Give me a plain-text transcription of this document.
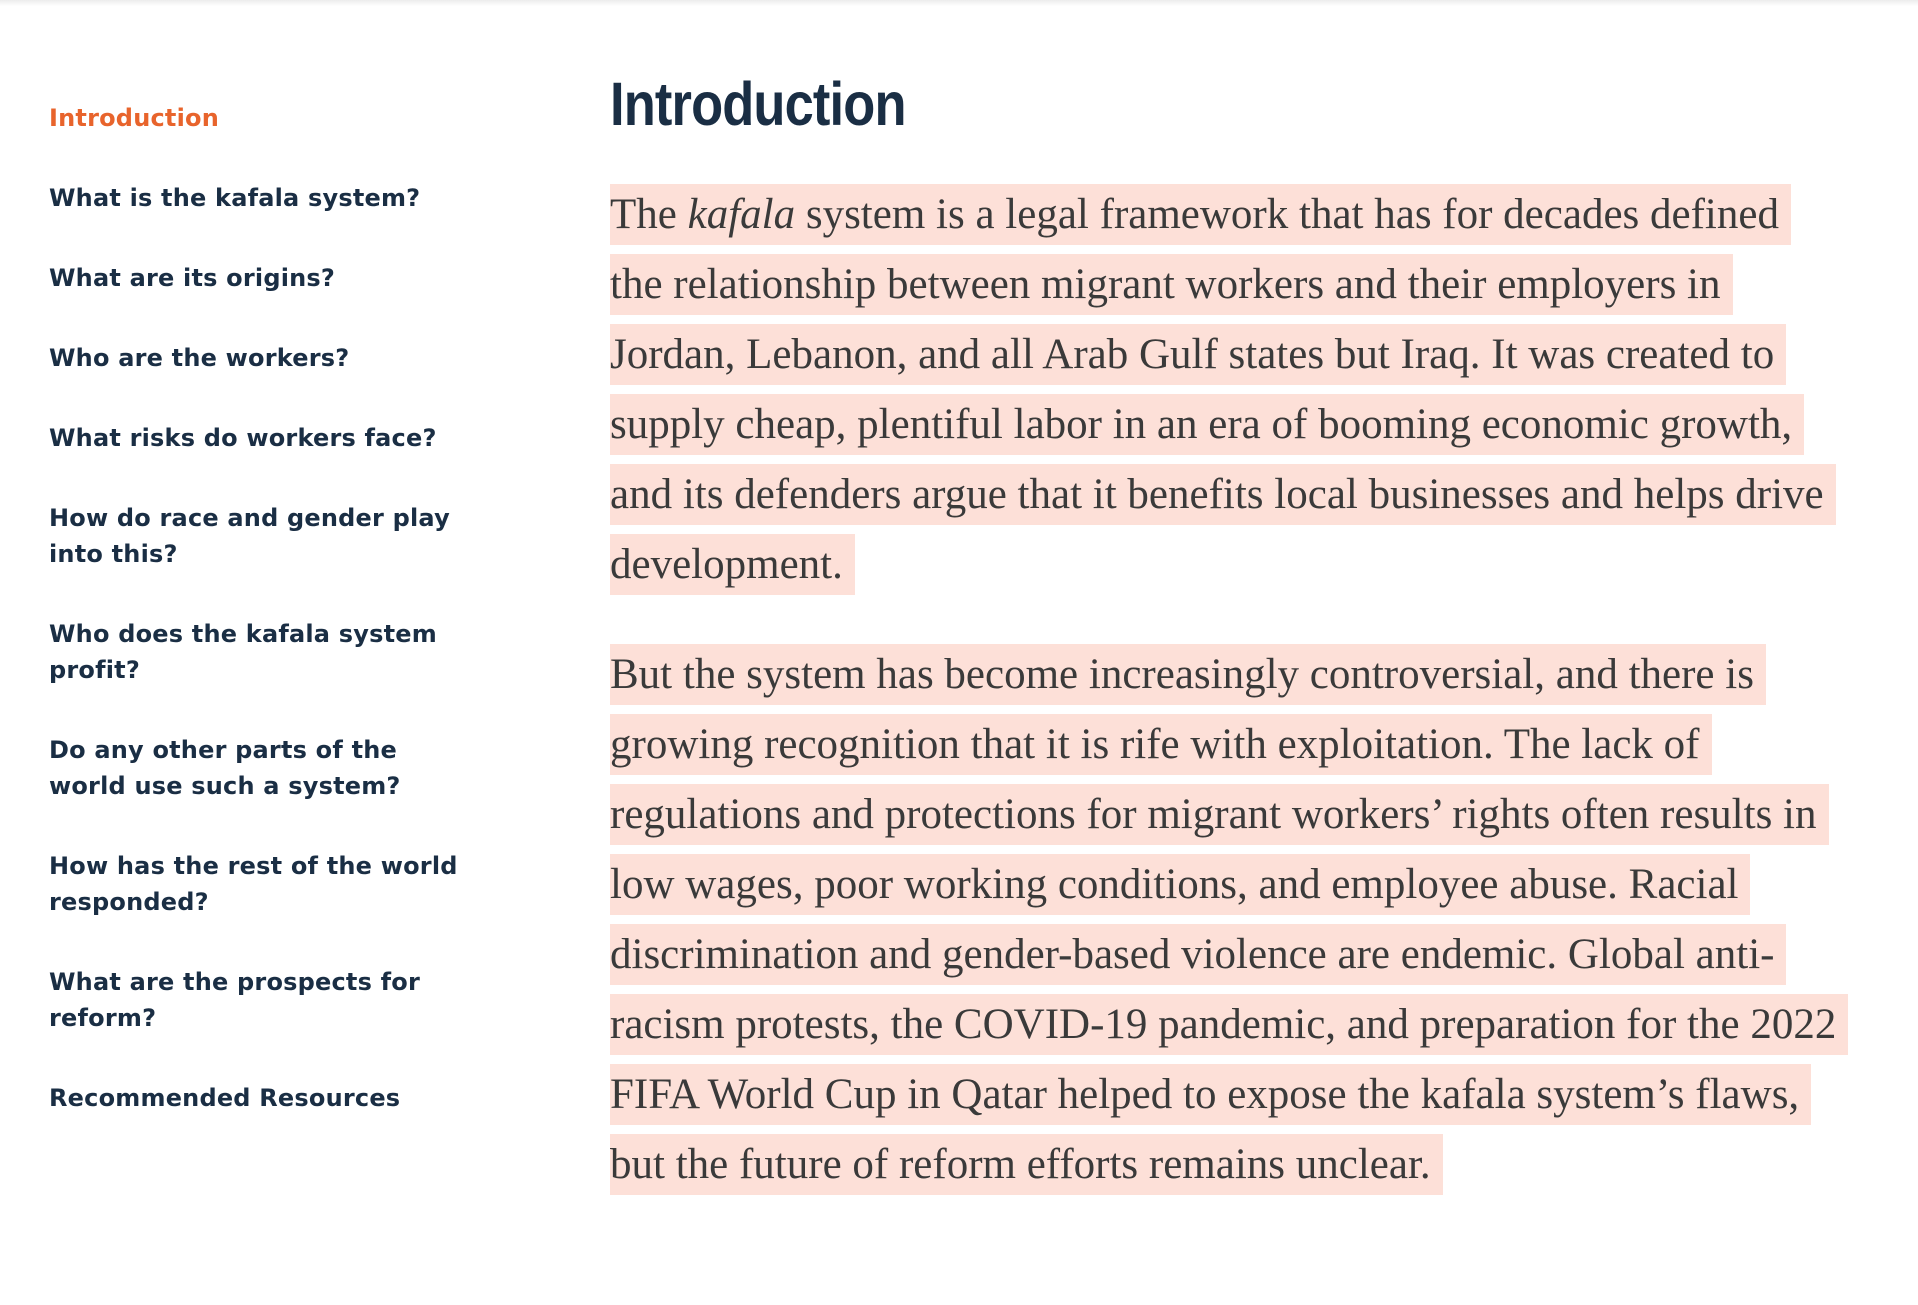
Introduction
What is the kafala system?
What are its origins?
Who are the workers?
What risks do workers face?
How do race and gender play into this?
Who does the kafala system profit?
Do any other parts of the world use such a system?
How has the rest of the world responded?
What are the prospects for reform?
Recommended Resources
Introduction

The kafala system is a legal framework that has for decades defined the relationship between migrant workers and their employers in Jordan, Lebanon, and all Arab Gulf states but Iraq. It was created to supply cheap, plentiful labor in an era of booming economic growth, and its defenders argue that it benefits local businesses and helps drive development.

But the system has become increasingly controversial, and there is growing recognition that it is rife with exploitation. The lack of regulations and protections for migrant workers’ rights often results in low wages, poor working conditions, and employee abuse. Racial discrimination and gender-based violence are endemic. Global anti-racism protests, the COVID-19 pandemic, and preparation for the 2022 FIFA World Cup in Qatar helped to expose the kafala system’s flaws, but the future of reform efforts remains unclear.
